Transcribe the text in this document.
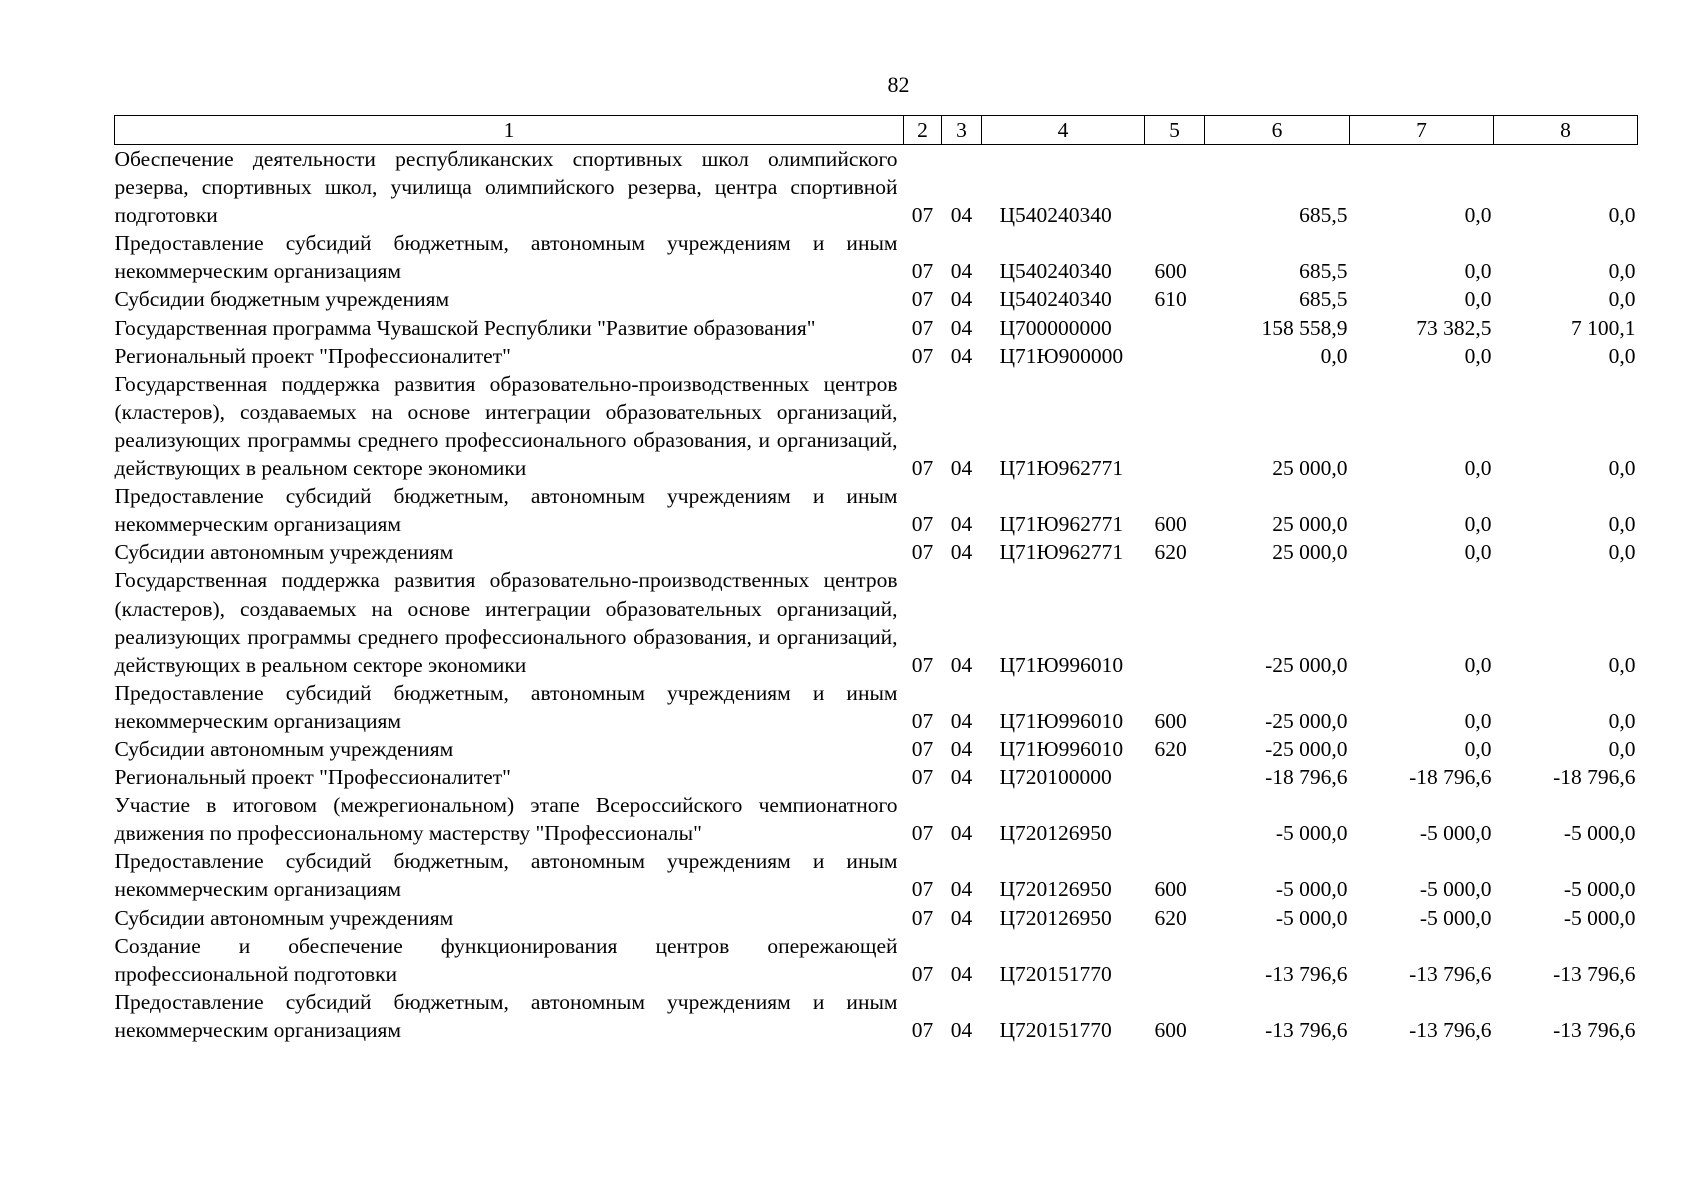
82
1	2	3	4	5	6	7	8
Обеспечение деятельности республиканских спортивных школ олимпийского резерва, спортивных школ, училища олимпийского резерва, центра спортивной подготовки	07	04	Ц540240340		685,5	0,0	0,0
Предоставление субсидий бюджетным, автономным учреждениям и иным некоммерческим организациям	07	04	Ц540240340	600	685,5	0,0	0,0
Субсидии бюджетным учреждениям	07	04	Ц540240340	610	685,5	0,0	0,0
Государственная программа Чувашской Республики "Развитие образования"	07	04	Ц700000000		158 558,9	73 382,5	7 100,1
Региональный проект "Профессионалитет"	07	04	Ц71Ю900000		0,0	0,0	0,0
Государственная поддержка развития образовательно-производственных центров (кластеров), создаваемых на основе интеграции образовательных организаций, реализующих программы среднего профессионального образования, и организаций, действующих в реальном секторе экономики	07	04	Ц71Ю962771		25 000,0	0,0	0,0
Предоставление субсидий бюджетным, автономным учреждениям и иным некоммерческим организациям	07	04	Ц71Ю962771	600	25 000,0	0,0	0,0
Субсидии автономным учреждениям	07	04	Ц71Ю962771	620	25 000,0	0,0	0,0
Государственная поддержка развития образовательно-производственных центров (кластеров), создаваемых на основе интеграции образовательных организаций, реализующих программы среднего профессионального образования, и организаций, действующих в реальном секторе экономики	07	04	Ц71Ю996010		-25 000,0	0,0	0,0
Предоставление субсидий бюджетным, автономным учреждениям и иным некоммерческим организациям	07	04	Ц71Ю996010	600	-25 000,0	0,0	0,0
Субсидии автономным учреждениям	07	04	Ц71Ю996010	620	-25 000,0	0,0	0,0
Региональный проект "Профессионалитет"	07	04	Ц720100000		-18 796,6	-18 796,6	-18 796,6
Участие в итоговом (межрегиональном) этапе Всероссийского чемпионатного движения по профессиональному мастерству "Профессионалы"	07	04	Ц720126950		-5 000,0	-5 000,0	-5 000,0
Предоставление субсидий бюджетным, автономным учреждениям и иным некоммерческим организациям	07	04	Ц720126950	600	-5 000,0	-5 000,0	-5 000,0
Субсидии автономным учреждениям	07	04	Ц720126950	620	-5 000,0	-5 000,0	-5 000,0
Создание и обеспечение функционирования центров опережающей профессиональной подготовки	07	04	Ц720151770		-13 796,6	-13 796,6	-13 796,6
Предоставление субсидий бюджетным, автономным учреждениям и иным некоммерческим организациям	07	04	Ц720151770	600	-13 796,6	-13 796,6	-13 796,6
